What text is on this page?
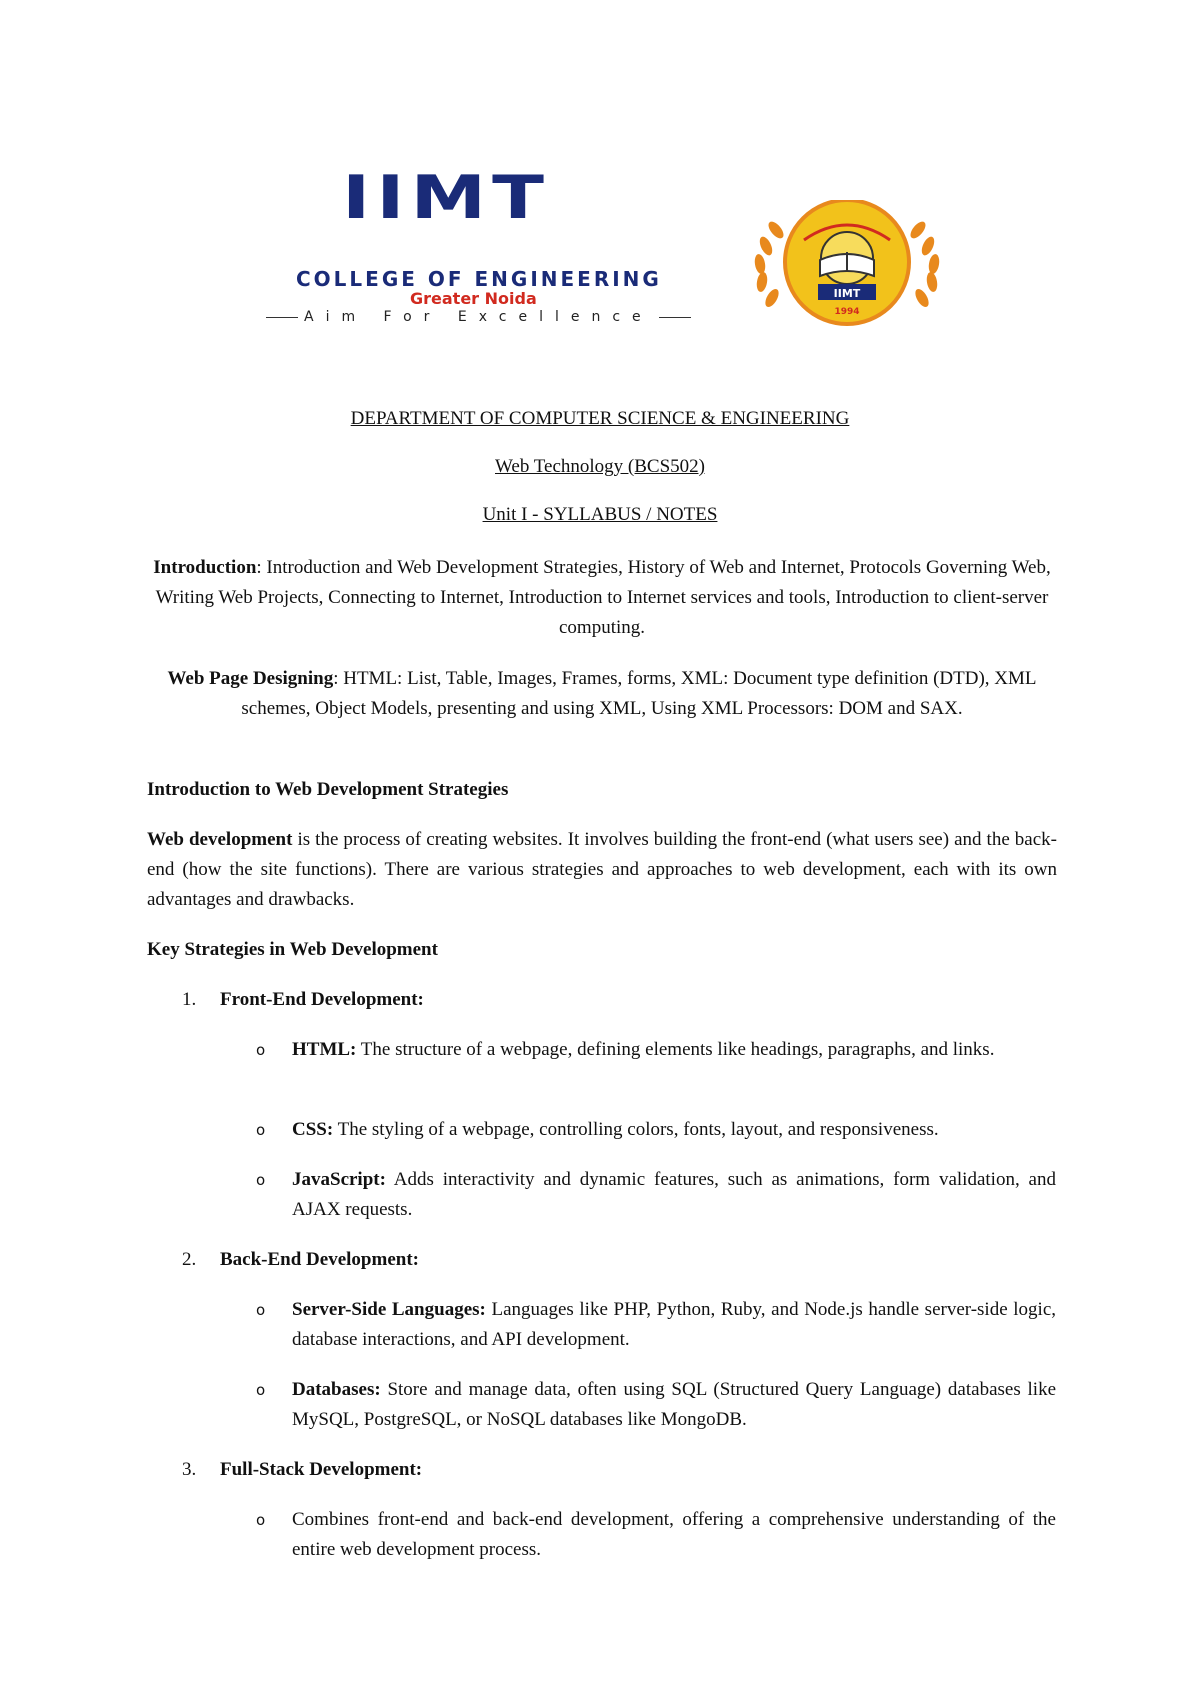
IIMT
COLLEGE OF ENGINEERING
Greater Noida
Aim For Excellence
IIMT
1994
DEPARTMENT OF COMPUTER SCIENCE & ENGINEERING
Web Technology (BCS502)
Unit I - SYLLABUS / NOTES
Introduction: Introduction and Web Development Strategies, History of Web and Internet, Protocols Governing Web, Writing Web Projects, Connecting to Internet, Introduction to Internet services and tools, Introduction to client-server computing.
Web Page Designing: HTML: List, Table, Images, Frames, forms, XML: Document type definition (DTD), XML schemes, Object Models, presenting and using XML, Using XML Processors: DOM and SAX.
Introduction to Web Development Strategies
Web development is the process of creating websites. It involves building the front-end (what users see) and the back-end (how the site functions). There are various strategies and approaches to web development, each with its own advantages and drawbacks.
Key Strategies in Web Development
1.	Front-End Development:
o HTML: The structure of a webpage, defining elements like headings, paragraphs, and links.
o CSS: The styling of a webpage, controlling colors, fonts, layout, and responsiveness.
o JavaScript: Adds interactivity and dynamic features, such as animations, form validation, and AJAX requests.
2.	Back-End Development:
o Server-Side Languages: Languages like PHP, Python, Ruby, and Node.js handle server-side logic, database interactions, and API development.
o Databases: Store and manage data, often using SQL (Structured Query Language) databases like MySQL, PostgreSQL, or NoSQL databases like MongoDB.
3.	Full-Stack Development:
o Combines front-end and back-end development, offering a comprehensive understanding of the entire web development process.
